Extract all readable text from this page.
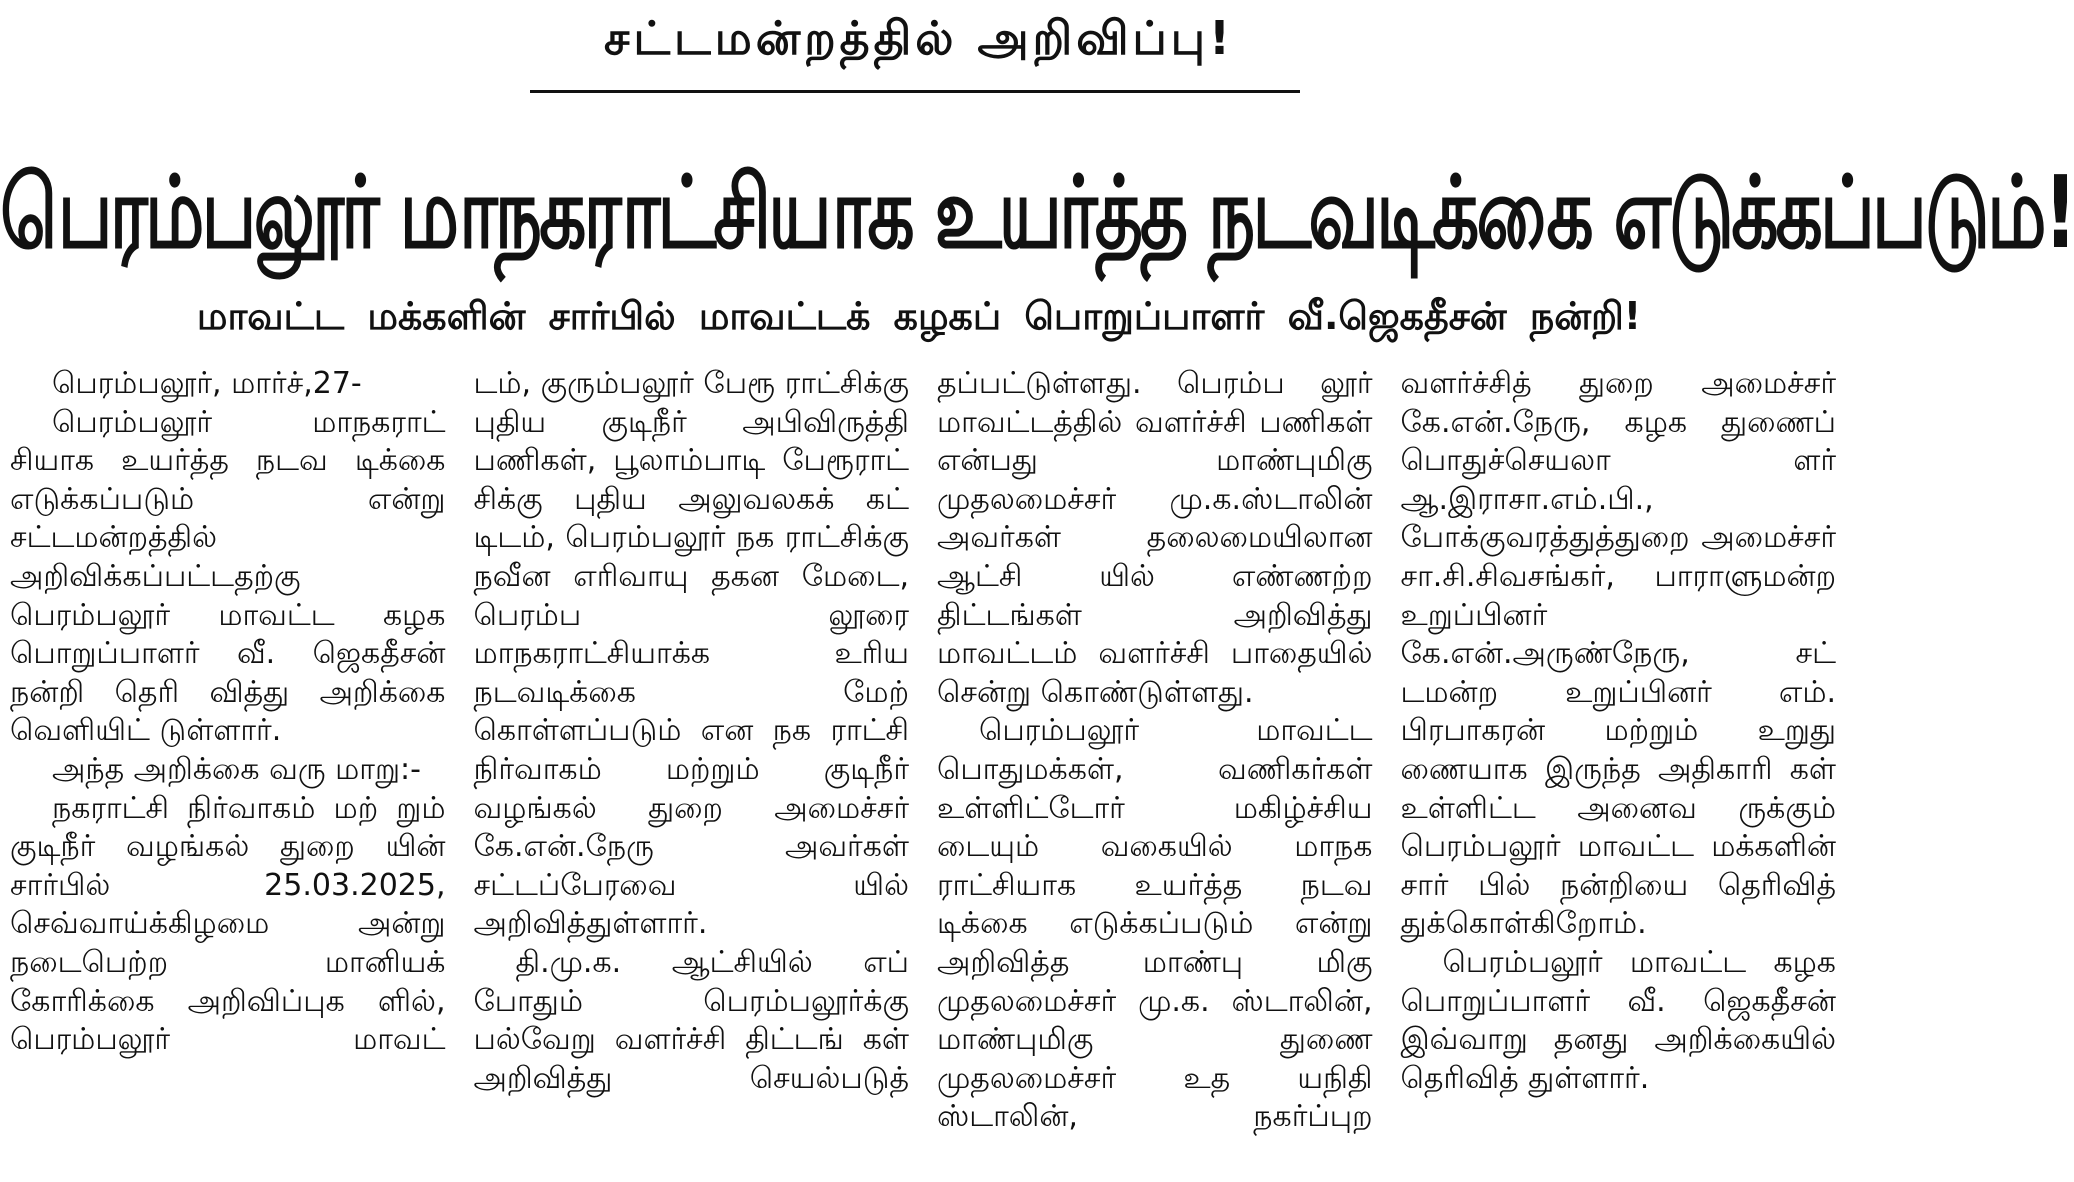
சட்டமன்றத்தில் அறிவிப்பு!
பெரம்பலூர் மாநகராட்சியாக உயர்த்த நடவடிக்கை எடுக்கப்படும்!
மாவட்ட மக்களின் சார்பில் மாவட்டக் கழகப் பொறுப்பாளர் வீ.ஜெகதீசன் நன்றி!

பெரம்பலூர், மார்ச்,27-

பெரம்பலூர் மாநகராட் சியாக உயர்த்த நடவ டிக்கை எடுக்கப்படும் என்று சட்டமன்றத்தில் அறிவிக்கப்பட்டதற்கு பெரம்பலூர் மாவட்ட கழக பொறுப்பாளர் வீ. ஜெகதீசன் நன்றி தெரி வித்து அறிக்கை வெளியிட் டுள்ளார்.

அந்த அறிக்கை வரு மாறு:-

நகராட்சி நிர்வாகம் மற் றும் குடிநீர் வழங்கல் துறை யின் சார்பில் 25.03.2025, செவ்வாய்க்கிழமை அன்று நடைபெற்ற மானியக் கோரிக்கை அறிவிப்புக ளில், பெரம்பலூர் மாவட்

டம், குரும்பலூர் பேரூ ராட்சிக்கு புதிய குடிநீர் அபிவிருத்தி பணிகள், பூலாம்பாடி பேரூராட் சிக்கு புதிய அலுவலகக் கட் டிடம், பெரம்பலூர் நக ராட்சிக்கு நவீன எரிவாயு தகன மேடை, பெரம்ப லூரை மாநகராட்சியாக்க உரிய நடவடிக்கை மேற் கொள்ளப்படும் என நக ராட்சி நிர்வாகம் மற்றும் குடிநீர் வழங்கல் துறை அமைச்சர் கே.என்.நேரு அவர்கள் சட்டப்பேரவை யில் அறிவித்துள்ளார்.

தி.மு.க. ஆட்சியில் எப் போதும் பெரம்பலூர்க்கு பல்வேறு வளர்ச்சி திட்டங் கள் அறிவித்து செயல்படுத்

தப்பட்டுள்ளது. பெரம்ப லூர் மாவட்டத்தில் வளர்ச்சி பணிகள் என்பது மாண்புமிகு முதலமைச்சர் மு.க.ஸ்டாலின் அவர்கள் தலைமையிலான ஆட்சி யில் எண்ணற்ற திட்டங்கள் அறிவித்து மாவட்டம் வளர்ச்சி பாதையில் சென்று கொண்டுள்ளது.

பெரம்பலூர் மாவட்ட பொதுமக்கள், வணிகர்கள் உள்ளிட்டோர் மகிழ்ச்சிய டையும் வகையில் மாநக ராட்சியாக உயர்த்த நடவ டிக்கை எடுக்கப்படும் என்று அறிவித்த மாண்பு மிகு முதலமைச்சர் மு.க. ஸ்டாலின், மாண்புமிகு துணை முதலமைச்சர் உத யநிதி ஸ்டாலின், நகர்ப்புற

வளர்ச்சித் துறை அமைச்சர் கே.என்.நேரு, கழக துணைப் பொதுச்செயலா ளர் ஆ.இராசா.எம்.பி., போக்குவரத்துத்துறை அமைச்சர் சா.சி.சிவசங்கர், பாராளுமன்ற உறுப்பினர் கே.என்.அருண்நேரு, சட் டமன்ற உறுப்பினர் எம். பிரபாகரன் மற்றும் உறுது ணையாக இருந்த அதிகாரி கள் உள்ளிட்ட அனைவ ருக்கும் பெரம்பலூர் மாவட்ட மக்களின் சார் பில் நன்றியை தெரிவித் துக்கொள்கிறோம்.

பெரம்பலூர் மாவட்ட கழக பொறுப்பாளர் வீ. ஜெகதீசன் இவ்வாறு தனது அறிக்கையில் தெரிவித் துள்ளார்.
